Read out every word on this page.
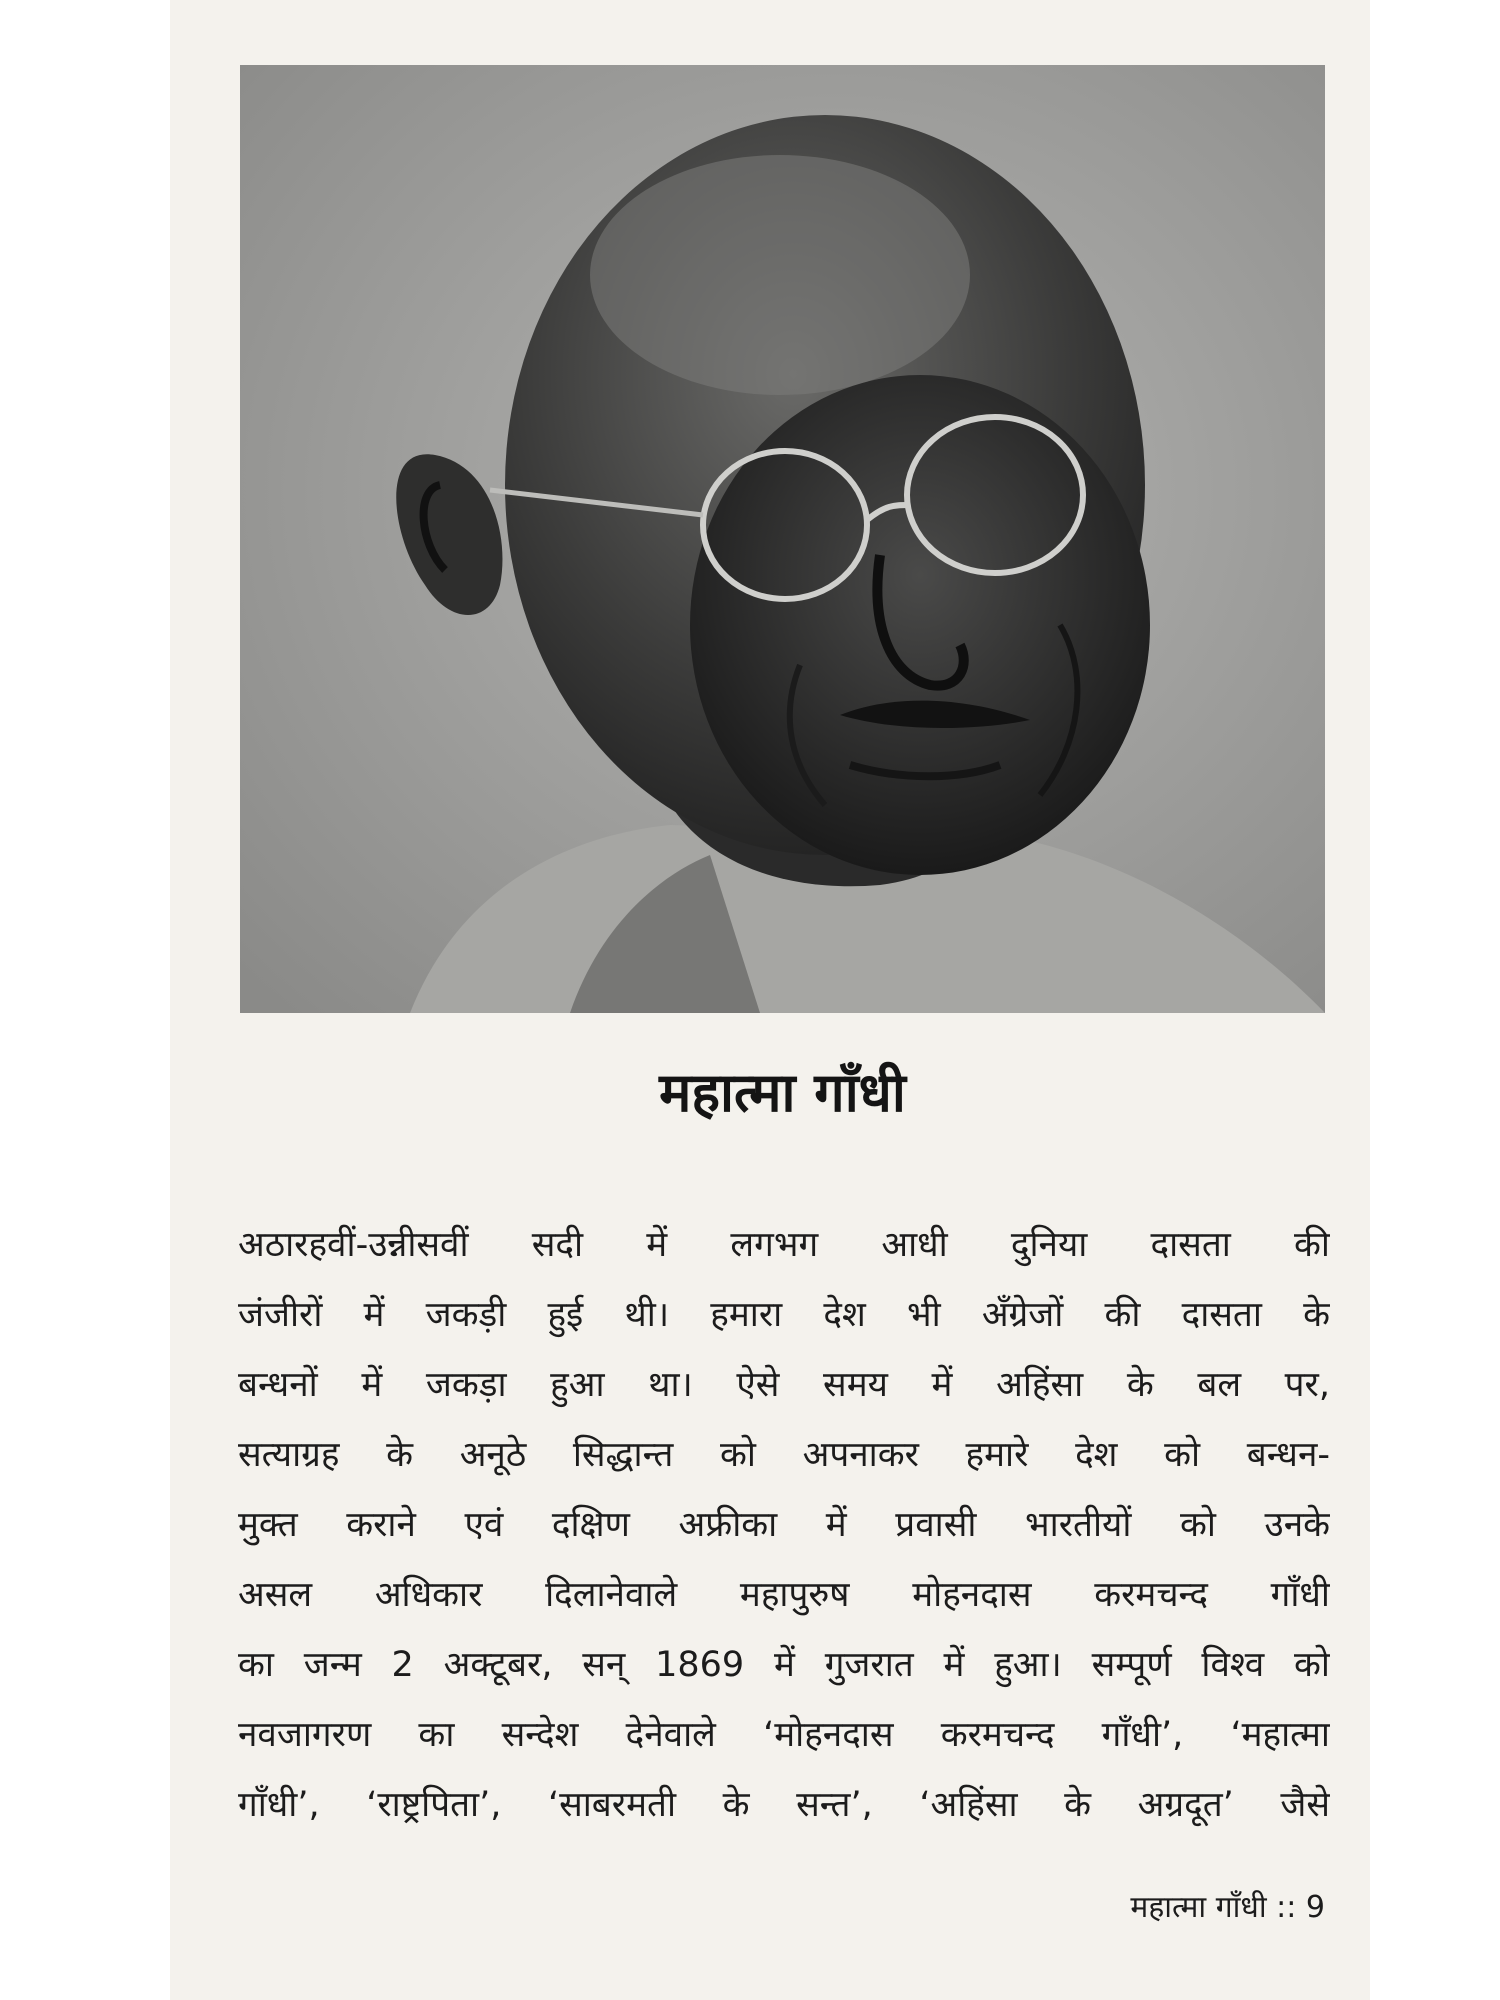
महात्मा गाँधी
अठारहवीं-उन्नीसवीं सदी में लगभग आधी दुनिया दासता की
जंजीरों में जकड़ी हुई थी। हमारा देश भी अँग्रेजों की दासता के
बन्धनों में जकड़ा हुआ था। ऐसे समय में अहिंसा के बल पर,
सत्याग्रह के अनूठे सिद्धान्त को अपनाकर हमारे देश को बन्धन-
मुक्त कराने एवं दक्षिण अफ्रीका में प्रवासी भारतीयों को उनके
असल अधिकार दिलानेवाले महापुरुष मोहनदास करमचन्द गाँधी
का जन्म 2 अक्टूबर, सन् 1869 में गुजरात में हुआ। सम्पूर्ण विश्व को
नवजागरण का सन्देश देनेवाले ‘मोहनदास करमचन्द गाँधी’, ‘महात्मा
गाँधी’, ‘राष्ट्रपिता’, ‘साबरमती के सन्त’, ‘अहिंसा के अग्रदूत’ जैसे
महात्मा गाँधी :: 9
